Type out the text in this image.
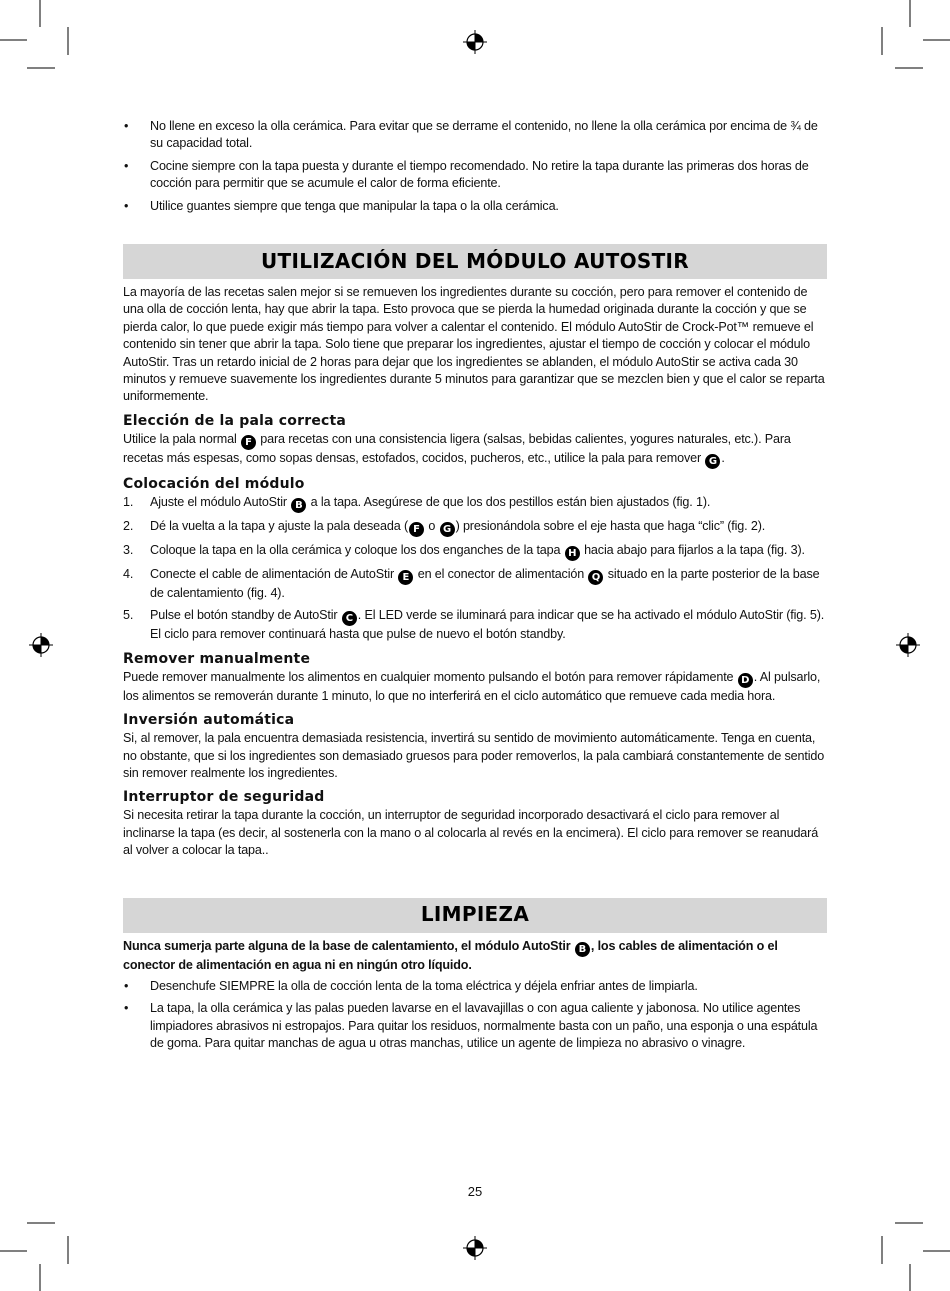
• No llene en exceso la olla cerámica. Para evitar que se derrame el contenido, no llene la olla cerámica por encima de ¾ de su capacidad total.
• Cocine siempre con la tapa puesta y durante el tiempo recomendado. No retire la tapa durante las primeras dos horas de cocción para permitir que se acumule el calor de forma eficiente.
• Utilice guantes siempre que tenga que manipular la tapa o la olla cerámica.
UTILIZACIÓN DEL MÓDULO AUTOSTIR

La mayoría de las recetas salen mejor si se remueven los ingredientes durante su cocción, pero para remover el contenido de una olla de cocción lenta, hay que abrir la tapa. Esto provoca que se pierda la humedad originada durante la cocción y que se pierda calor, lo que puede exigir más tiempo para volver a calentar el contenido. El módulo AutoStir de Crock-Pot™ remueve el contenido sin tener que abrir la tapa. Solo tiene que preparar los ingredientes, ajustar el tiempo de cocción y colocar el módulo AutoStir. Tras un retardo inicial de 2 horas para dejar que los ingredientes se ablanden, el módulo AutoStir se activa cada 30 minutos y remueve suavemente los ingredientes durante 5 minutos para garantizar que se mezclen bien y que el calor se reparta uniformemente.

Elección de la pala correcta

Utilice la pala normal F para recetas con una consistencia ligera (salsas, bebidas calientes, yogures naturales, etc.). Para recetas más espesas, como sopas densas, estofados, cocidos, pucheros, etc., utilice la pala para remover G .

Colocación del módulo
1. Ajuste el módulo AutoStir B a la tapa. Asegúrese de que los dos pestillos están bien ajustados (fig. 1).
2. Dé la vuelta a la tapa y ajuste la pala deseada ( F o G ) presionándola sobre el eje hasta que haga “clic” (fig. 2).
3. Coloque la tapa en la olla cerámica y coloque los dos enganches de la tapa H hacia abajo para fijarlos a la tapa (fig. 3).
4. Conecte el cable de alimentación de AutoStir E en el conector de alimentación Q situado en la parte posterior de la base de calentamiento (fig. 4).
5. Pulse el botón standby de AutoStir C . El LED verde se iluminará para indicar que se ha activado el módulo AutoStir (fig. 5). El ciclo para remover continuará hasta que pulse de nuevo el botón standby.
Remover manualmente

Puede remover manualmente los alimentos en cualquier momento pulsando el botón para remover rápidamente D . Al pulsarlo, los alimentos se removerán durante 1 minuto, lo que no interferirá en el ciclo automático que remueve cada media hora.

Inversión automática

Si, al remover, la pala encuentra demasiada resistencia, invertirá su sentido de movimiento automáticamente. Tenga en cuenta, no obstante, que si los ingredientes son demasiado gruesos para poder removerlos, la pala cambiará constantemente de sentido sin remover realmente los ingredientes.

Interruptor de seguridad

Si necesita retirar la tapa durante la cocción, un interruptor de seguridad incorporado desactivará el ciclo para remover al inclinarse la tapa (es decir, al sostenerla con la mano o al colocarla al revés en la encimera). El ciclo para remover se reanudará al volver a colocar la tapa..

LIMPIEZA

Nunca sumerja parte alguna de la base de calentamiento, el módulo AutoStir B , los cables de alimentación o el conector de alimentación en agua ni en ningún otro líquido.

• Desenchufe SIEMPRE la olla de cocción lenta de la toma eléctrica y déjela enfriar antes de limpiarla.
• La tapa, la olla cerámica y las palas pueden lavarse en el lavavajillas o con agua caliente y jabonosa. No utilice agentes limpiadores abrasivos ni estropajos. Para quitar los residuos, normalmente basta con un paño, una esponja o una espátula de goma. Para quitar manchas de agua u otras manchas, utilice un agente de limpieza no abrasivo o vinagre.
25
